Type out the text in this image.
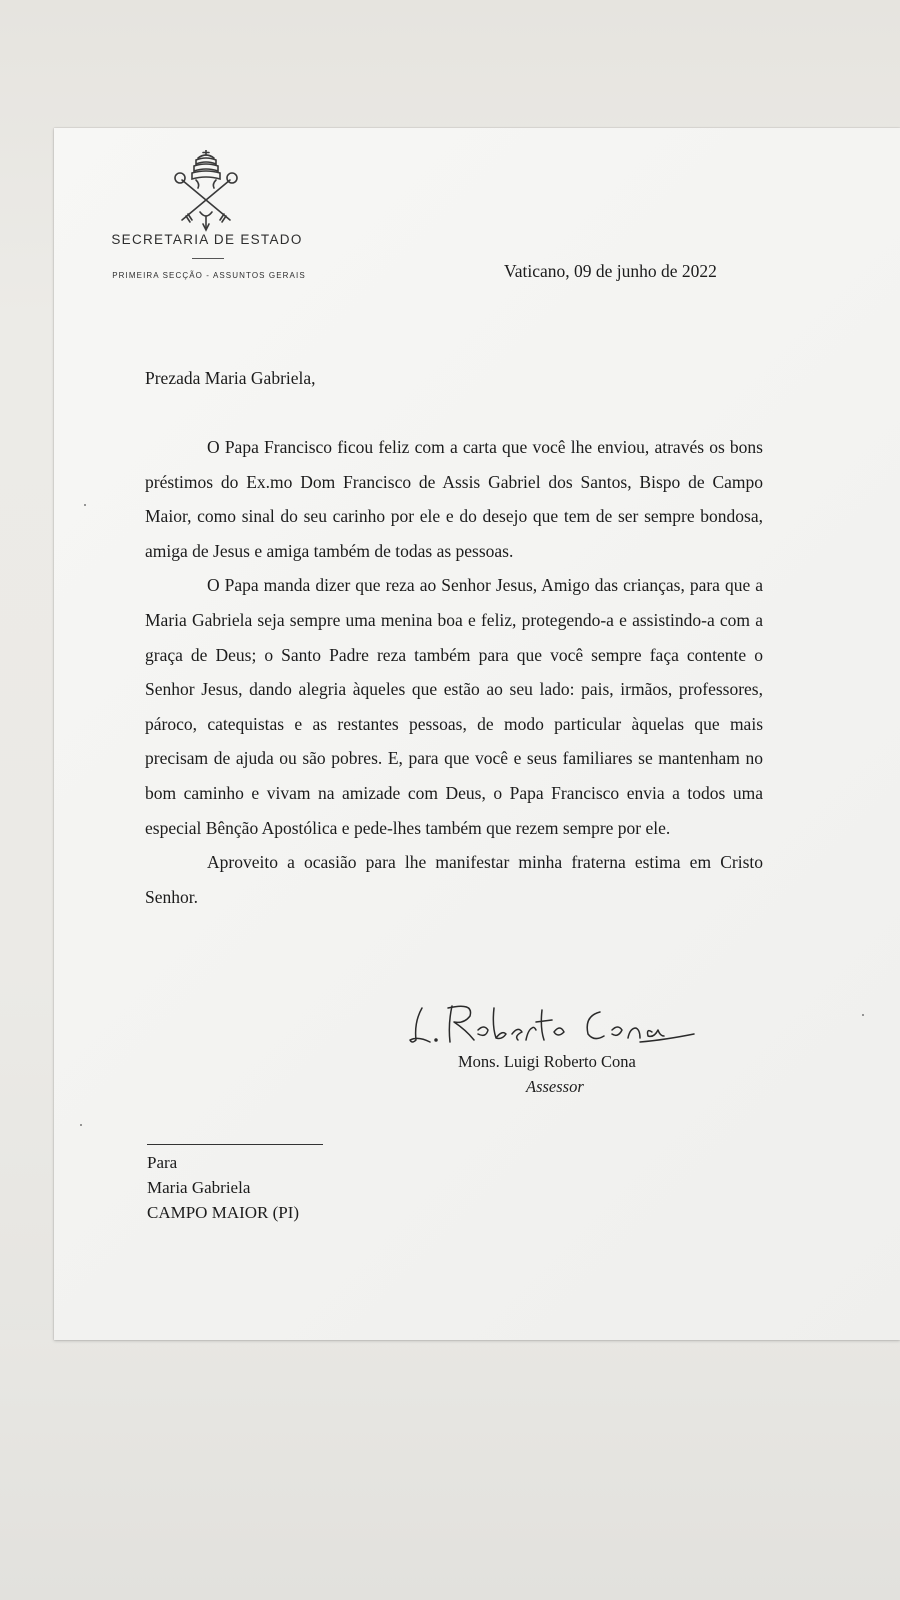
SECRETARIA DE ESTADO
PRIMEIRA SECÇÃO - ASSUNTOS GERAIS	Vaticano, 09 de junho de 2022
Prezada Maria Gabriela,

O Papa Francisco ficou feliz com a carta que você lhe enviou, através os bons préstimos do Ex.mo Dom Francisco de Assis Gabriel dos Santos, Bispo de Campo Maior, como sinal do seu carinho por ele e do desejo que tem de ser sempre bondosa, amiga de Jesus e amiga também de todas as pessoas.

O Papa manda dizer que reza ao Senhor Jesus, Amigo das crianças, para que a Maria Gabriela seja sempre uma menina boa e feliz, protegendo-a e assistindo-a com a graça de Deus; o Santo Padre reza também para que você sempre faça contente o Senhor Jesus, dando alegria àqueles que estão ao seu lado: pais, irmãos, professores, pároco, catequistas e as restantes pessoas, de modo particular àquelas que mais precisam de ajuda ou são pobres. E, para que você e seus familiares se mantenham no bom caminho e vivam na amizade com Deus, o Papa Francisco envia a todos uma especial Bênção Apostólica e pede-lhes também que rezem sempre por ele.

Aproveito a ocasião para lhe manifestar minha fraterna estima em Cristo Senhor.

Mons. Luigi Roberto Cona
Assessor
Para
Maria Gabriela
CAMPO MAIOR (PI)
